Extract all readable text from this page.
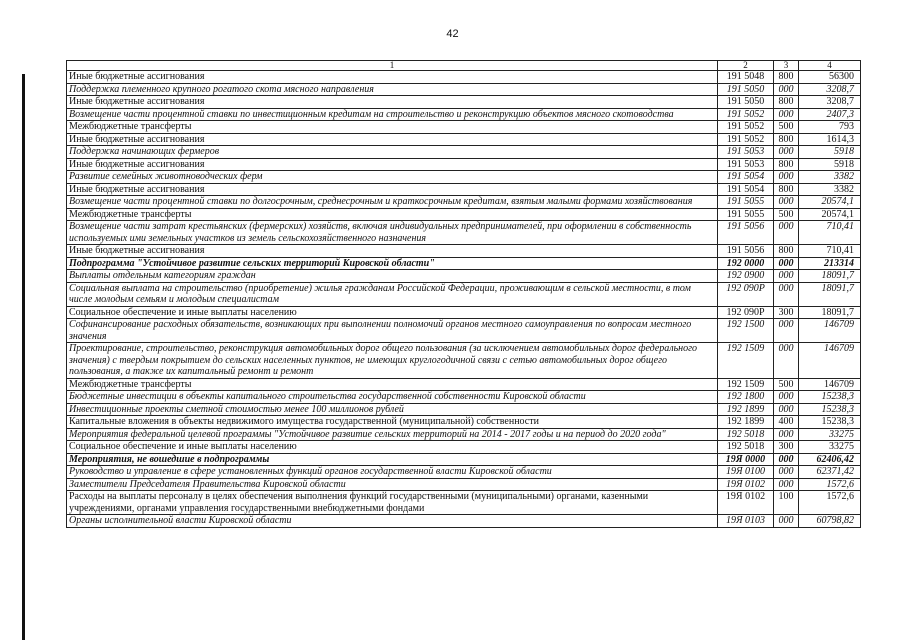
42
1	2	3	4
Иные бюджетные ассигнования	191 5048	800	56300
Поддержка племенного крупного рогатого скота мясного направления	191 5050	000	3208,7
Иные бюджетные ассигнования	191 5050	800	3208,7
Возмещение части процентной ставки по инвестиционным кредитам на строительство и реконструкцию объектов мясного скотоводства	191 5052	000	2407,3
Межбюджетные трансферты	191 5052	500	793
Иные бюджетные ассигнования	191 5052	800	1614,3
Поддержка начинающих фермеров	191 5053	000	5918
Иные бюджетные ассигнования	191 5053	800	5918
Развитие семейных животноводческих ферм	191 5054	000	3382
Иные бюджетные ассигнования	191 5054	800	3382
Возмещение части процентной ставки по долгосрочным, среднесрочным и краткосрочным кредитам, взятым малыми формами хозяйствования	191 5055	000	20574,1
Межбюджетные трансферты	191 5055	500	20574,1
Возмещение части затрат крестьянских (фермерских) хозяйств, включая индивидуальных предпринимателей, при оформлении в собственность используемых ими земельных участков из земель сельскохозяйственного назначения	191 5056	000	710,41
Иные бюджетные ассигнования	191 5056	800	710,41
Подпрограмма "Устойчивое развитие сельских территорий Кировской области"	192 0000	000	213314
Выплаты отдельным категориям граждан	192 0900	000	18091,7
Социальная выплата на строительство (приобретение) жилья гражданам Российской Федерации, проживающим в сельской местности, в том числе молодым семьям и молодым специалистам	192 090Р	000	18091,7
Социальное обеспечение и иные выплаты населению	192 090Р	300	18091,7
Софинансирование расходных обязательств, возникающих при выполнении полномочий органов местного самоуправления по вопросам местного значения	192 1500	000	146709
Проектирование, строительство, реконструкция автомобильных дорог общего пользования (за исключением автомобильных дорог федерального значения) с твердым покрытием до сельских населенных пунктов, не имеющих круглогодичной связи с сетью автомобильных дорог общего пользования, а также их капитальный ремонт и ремонт	192 1509	000	146709
Межбюджетные трансферты	192 1509	500	146709
Бюджетные инвестиции в объекты капитального строительства государственной собственности Кировской области	192 1800	000	15238,3
Инвестиционные проекты сметной стоимостью менее 100 миллионов рублей	192 1899	000	15238,3
Капитальные вложения в объекты недвижимого имущества государственной (муниципальной) собственности	192 1899	400	15238,3
Мероприятия федеральной целевой программы "Устойчивое развитие сельских территорий на 2014 - 2017 годы и на период до 2020 года"	192 5018	000	33275
Социальное обеспечение и иные выплаты населению	192 5018	300	33275
Мероприятия, не вошедшие в подпрограммы	19Я 0000	000	62406,42
Руководство и управление в сфере установленных функций органов государственной власти Кировской области	19Я 0100	000	62371,42
Заместители Председателя Правительства Кировской области	19Я 0102	000	1572,6
Расходы на выплаты персоналу в целях обеспечения выполнения функций государственными (муниципальными) органами, казенными учреждениями, органами управления государственными внебюджетными фондами	19Я 0102	100	1572,6
Органы исполнительной власти Кировской области	19Я 0103	000	60798,82
